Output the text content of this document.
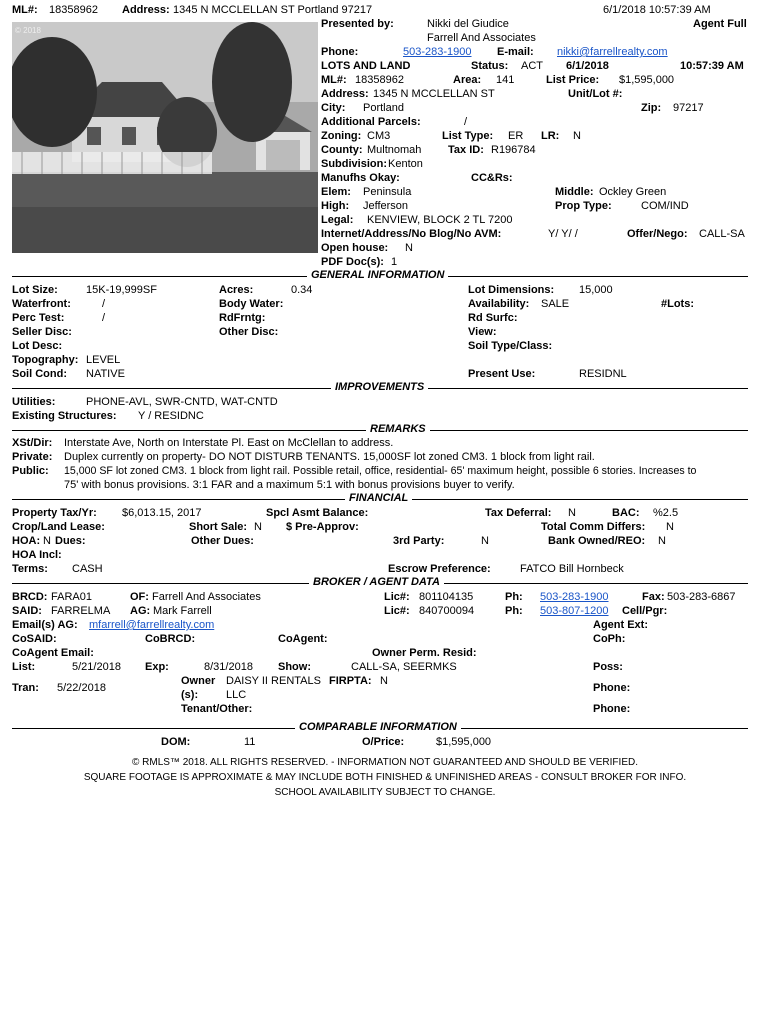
ML#: 18358962 Address: 1345 N MCCLELLAN ST Portland 97217	6/1/2018 10:57:39 AM
© 2018
Presented by:	Nikki del Giudice	Agent Full
Farrell And Associates
Phone:	503-283-1900 E-mail: nikki@farrellrealty.com
LOTS AND LAND	Status: ACT 6/1/2018	10:57:39 AM
ML#: 18358962	Area: 141	List Price: $1,595,000
Address: 1345 N MCCLELLAN ST	Unit/Lot #:
City: Portland	Zip: 97217
Additional Parcels:	/
Zoning: CM3	List Type: ER LR: N
County: Multnomah Tax ID: R196784
Subdivision: Kenton
Manufhs Okay:	CC&Rs:
Elem: Peninsula	Middle: Ockley Green
High: Jefferson	Prop Type:	COM/IND
Legal: KENVIEW, BLOCK 2 TL 7200
Internet/Address/No Blog/No AVM:	Y/ Y/ /	Offer/Nego: CALL-SA
Open house: N
PDF Doc(s): 1
GENERAL INFORMATION
Lot Size:	15K-19,999SF	Acres:	0.34	Lot Dimensions: 15,000
Waterfront:	/	Body Water:	Availability: SALE	#Lots:
Perc Test:	/	RdFrntg:	Rd Surfc:
Seller Disc:	Other Disc:	View:
Lot Desc:	Soil Type/Class:
Topography: LEVEL
Soil Cond: NATIVE	Present Use:	RESIDNL
IMPROVEMENTS
Utilities:	PHONE-AVL, SWR-CNTD, WAT-CNTD
Existing Structures: Y / RESIDNC
REMARKS
XSt/Dir: Interstate Ave, North on Interstate Pl. East on McClellan to address.
Private: Duplex currently on property- DO NOT DISTURB TENANTS. 15,000SF lot zoned CM3. 1 block from light rail.
Public: 15,000 SF lot zoned CM3. 1 block from light rail. Possible retail, office, residential- 65' maximum height, possible 6 stories. Increases to
75' with bonus provisions. 3:1 FAR and a maximum 5:1 with bonus provisions buyer to verify.
FINANCIAL
Property Tax/Yr: $6,013.15, 2017	Spcl Asmt Balance:	Tax Deferral: N	BAC: %2.5
Crop/Land Lease:	Short Sale: N $ Pre-Approv:	Total Comm Differs: N
HOA: N Dues:	Other Dues:	3rd Party:	N	Bank Owned/REO: N
HOA Incl:
Terms: CASH	Escrow Preference:	FATCO Bill Hornbeck
BROKER / AGENT DATA
BRCD: FARA01	OF: Farrell And Associates	Lic#: 801104135	Ph: 503-283-1900	Fax: 503-283-6867
SAID: FARRELMA AG: Mark Farrell	Lic#: 840700094	Ph: 503-807-1200 Cell/Pgr:
Email(s) AG: mfarrell@farrellrealty.com	Agent Ext:
CoSAID:	CoBRCD:	CoAgent:	CoPh:
CoAgent Email:	Owner Perm. Resid:
List:	5/21/2018 Exp:	8/31/2018 Show:	CALL-SA, SEERMKS	Poss:
Owner DAISY II RENTALS FIRPTA: N
Tran: 5/22/2018	Phone:
(s):	LLC
Tenant/Other:	Phone:
COMPARABLE INFORMATION
DOM:	11	O/Price:	$1,595,000
© RMLS™ 2018. ALL RIGHTS RESERVED. - INFORMATION NOT GUARANTEED AND SHOULD BE VERIFIED.
SQUARE FOOTAGE IS APPROXIMATE & MAY INCLUDE BOTH FINISHED & UNFINISHED AREAS - CONSULT BROKER FOR INFO.
SCHOOL AVAILABILITY SUBJECT TO CHANGE.
